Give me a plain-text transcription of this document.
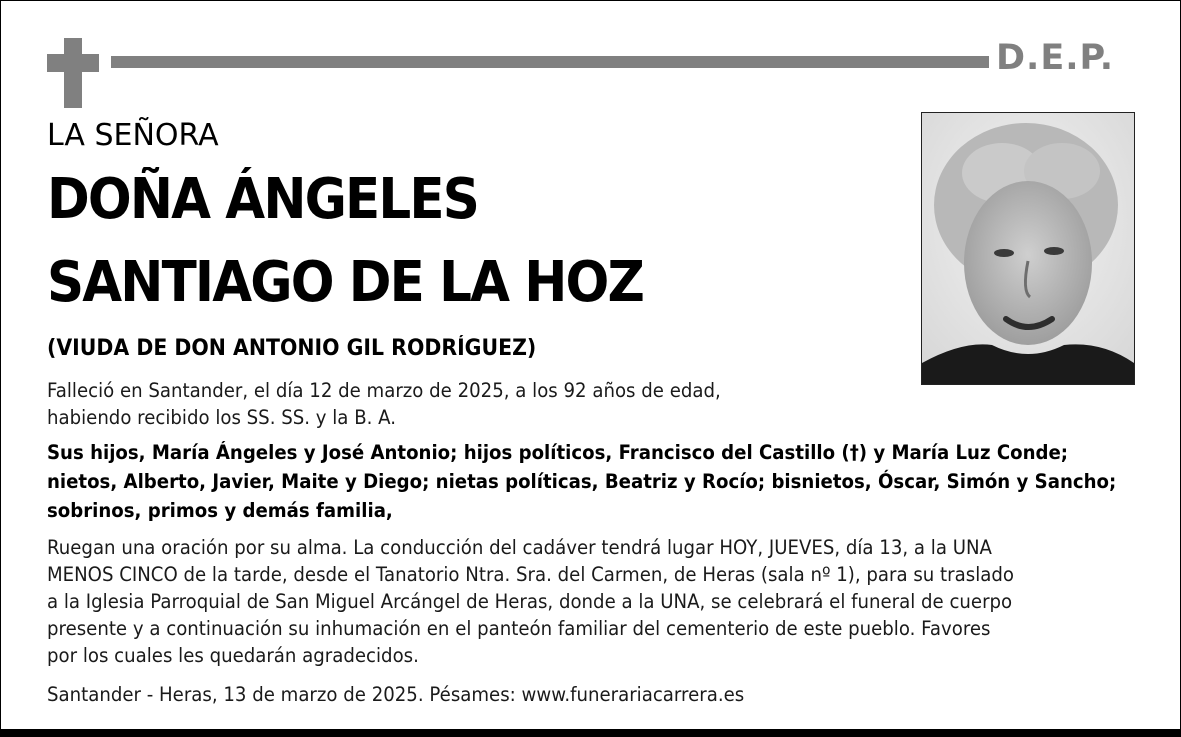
D.E.P.
LA SEÑORA
DOÑA ÁNGELES
SANTIAGO DE LA HOZ
(VIUDA DE DON ANTONIO GIL RODRÍGUEZ)
Falleció en Santander, el día 12 de marzo de 2025, a los 92 años de edad,
habiendo recibido los SS. SS. y la B. A.
Sus hijos, María Ángeles y José Antonio; hijos políticos, Francisco del Castillo (†) y María Luz Conde;
nietos, Alberto, Javier, Maite y Diego; nietas políticas, Beatriz y Rocío; bisnietos, Óscar, Simón y Sancho;
sobrinos, primos y demás familia,
Ruegan una oración por su alma. La conducción del cadáver tendrá lugar HOY, JUEVES, día 13, a la UNA
MENOS CINCO de la tarde, desde el Tanatorio Ntra. Sra. del Carmen, de Heras (sala nº 1), para su traslado
a la Iglesia Parroquial de San Miguel Arcángel de Heras, donde a la UNA, se celebrará el funeral de cuerpo
presente y a continuación su inhumación en el panteón familiar del cementerio de este pueblo. Favores
por los cuales les quedarán agradecidos.
Santander - Heras, 13 de marzo de 2025. Pésames: www.funerariacarrera.es
